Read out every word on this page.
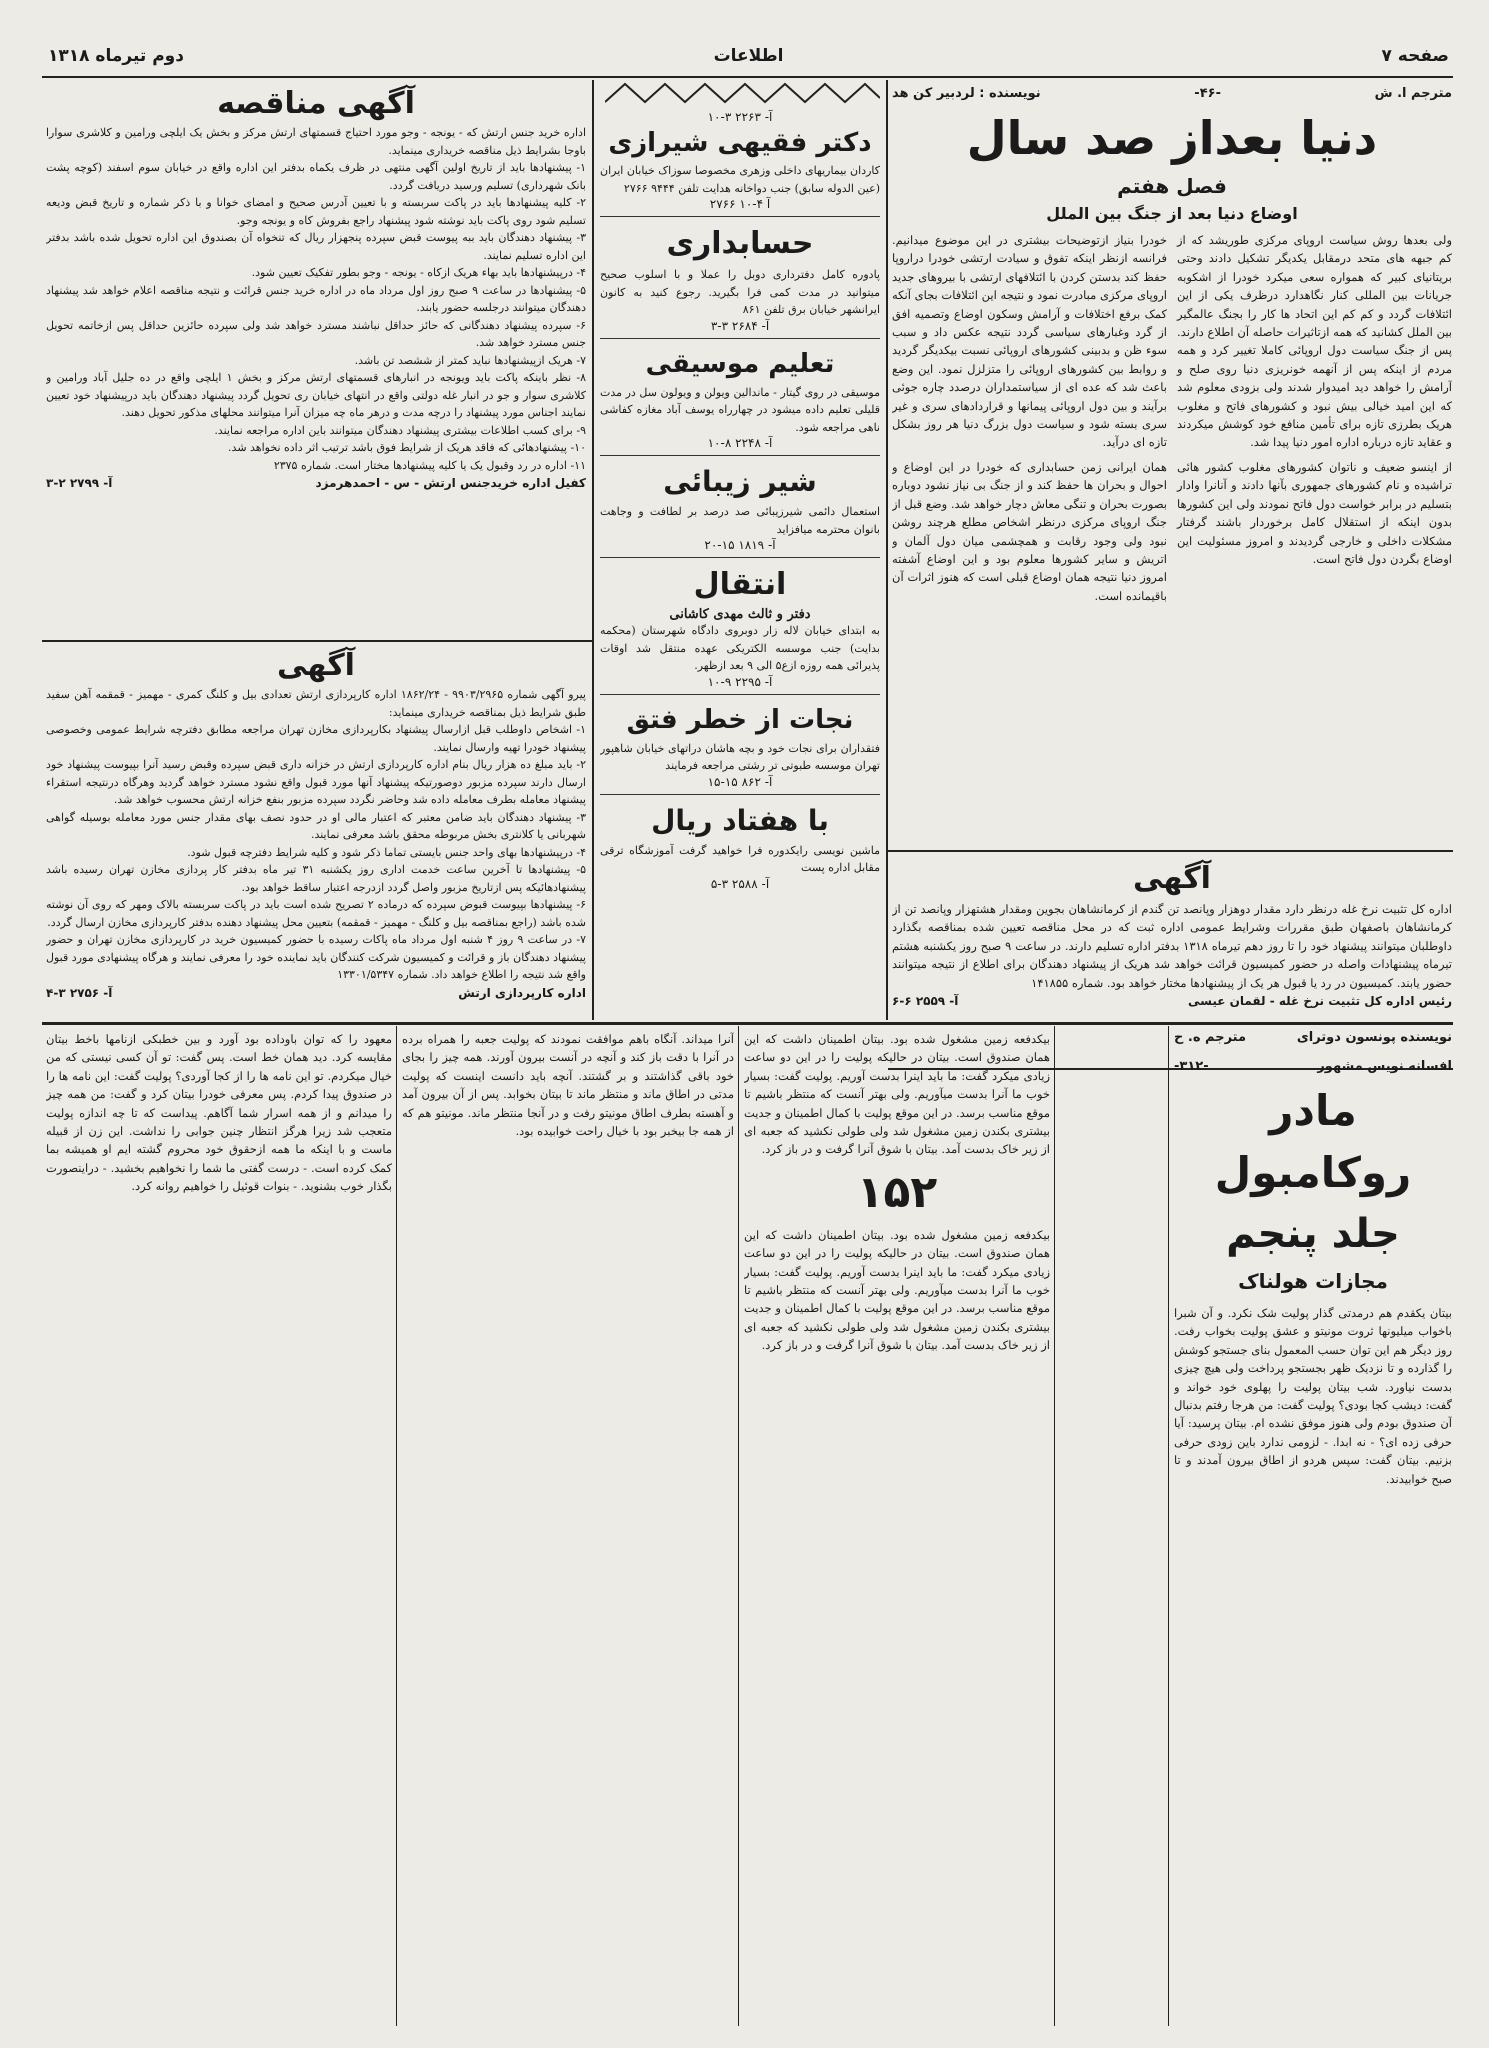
دوم تیرماه ۱۳۱۸	اطلاعات	صفحه ۷
مترجم ا. ش
-۴۶-
نویسنده : لردبیر کن هد

دنیا بعداز صد سال

فصل هفتم

اوضاع دنیا بعد از جنگ بین الملل

ولی بعدها روش سیاست اروپای مرکزی طوریشد که از کم جبهه های متحد درمقابل یکدیگر تشکیل دادند وحتی بریتانیای کبیر که همواره سعی میکرد خودرا از اشکوبه جریانات بین المللی کنار نگاهدارد درظرف یکی از این ائتلافات گردد و کم کم این اتحاد ها کار را بجنگ عالمگیر بین الملل کشانید که همه ازتاثیرات حاصله آن اطلاع دارند. پس از جنگ سیاست دول اروپائی کاملا تغییر کرد و همه مردم از اینکه پس از آنهمه خونریزی دنیا روی صلح و آرامش را خواهد دید امیدوار شدند ولی بزودی معلوم شد که این امید خیالی بیش نبود و کشورهای فاتح و مغلوب هریک بطرزی تازه برای تأمین منافع خود کوشش میکردند و عقاید تازه درباره اداره امور دنیا پیدا شد.

از اینسو ضعیف و ناتوان کشورهای مغلوب کشور هائی تراشیده و نام کشورهای جمهوری بآنها دادند و آنانرا وادار بتسلیم در برابر خواست دول فاتح نمودند ولی این کشورها بدون اینکه از استقلال کامل برخوردار باشند گرفتار مشکلات داخلی و خارجی گردیدند و امروز مسئولیت این اوضاع بگردن دول فاتح است.

خودرا بنیاز ازتوضیحات بیشتری در این موضوع میدانیم. فرانسه ازنظر اینکه تفوق و سیادت ارتشی خودرا دراروپا حفظ کند بدستن کردن با ائتلافهای ارتشی با بیروهای جدید اروپای مرکزی مبادرت نمود و نتیجه این ائتلافات بجای آنکه کمک برفع اختلافات و آرامش وسکون اوضاع وتصمیه افق از گرد وغبارهای سیاسی گردد نتیجه عکس داد و سبب سوء ظن و بدبینی کشورهای اروپائی نسبت بیکدیگر گردید و روابط بین کشورهای اروپائی را متزلزل نمود. این وضع باعث شد که عده ای از سیاستمداران درصدد چاره جوئی برآیند و بین دول اروپائی پیمانها و قراردادهای سری و غیر سری بسته شود و سیاست دول بزرگ دنیا هر روز بشکل تازه ای درآید.

همان ایرانی زمن حسابداری که خودرا در این اوضاع و احوال و بحران ها حفظ کند و از جنگ بی نیاز نشود دوباره بصورت بحران و تنگی معاش دچار خواهد شد. وضع قبل از جنگ اروپای مرکزی درنظر اشخاص مطلع هرچند روشن نبود ولی وجود رقابت و همچشمی میان دول آلمان و اتریش و سایر کشورها معلوم بود و این اوضاع آشفته امروز دنیا نتیجه همان اوضاع قبلی است که هنوز اثرات آن باقیمانده است.

آگهی

اداره کل تثبیت نرخ غله درنظر دارد مقدار دوهزار وپانصد تن گندم از کرمانشاهان بجوین ومقدار هشتهزار وپانصد تن از کرمانشاهان باصفهان طبق مقررات وشرایط عمومی اداره ثبت که در محل مناقصه تعیین شده بمناقصه بگذارد داوطلبان میتوانند پیشنهاد خود را تا روز دهم تیرماه ۱۳۱۸ بدفتر اداره تسلیم دارند. در ساعت ۹ صبح روز یکشنبه هشتم تیرماه پیشنهادات واصله در حضور کمیسیون قرائت خواهد شد هریک از پیشنهاد دهندگان برای اطلاع از نتیجه میتوانند حضور یابند. کمیسیون در رد یا قبول هر یک از پیشنهادها مختار خواهد بود. شماره ۱۴۱۸۵۵

رئیس اداره کل تثبیت نرخ غله - لقمان عیسی
آ- ۲۵۵۹ ۶-۶

آ- ۲۲۶۳ ۳-۱۰

دکتر فقیهی شیرازی

کاردان بیماریهای داخلی وزهری مخصوصا سوزاک خیابان ایران (عین الدوله سابق) جنب دواخانه هدایت تلفن ۹۴۴۴ ۲۷۶۶

۲۷۶۶ آ ۴-۱۰

حسابداری

پادوره کامل دفترداری دوبل را عملا و با اسلوب صحیح میتوانید در مدت کمی فرا بگیرید. رجوع کنید به کانون ایرانشهر خیابان برق تلفن ۸۶۱

آ- ۲۶۸۴ ۳-۳

تعلیم موسیقی

موسیقی در روی گیتار - ماندالین ویولن و ویولون سل در مدت قلیلی تعلیم داده میشود در چهارراه یوسف آباد مغازه کفاشی ناهی مراجعه شود.

آ- ۲۲۴۸ ۸-۱۰

شیر زیبائی

استعمال دائمی شیرزیبائی صد درصد بر لطافت و وجاهت بانوان محترمه میافزاید

آ- ۱۸۱۹ ۱۵-۲۰

انتقال

دفتر و ثالث مهدی کاشانی

به ابتدای خیابان لاله زار دوبروی دادگاه شهرستان (محکمه بدایت) جنب موسسه الکتریکی عهده منتقل شد اوقات پذیرائی همه روزه ازع۵ الی ۹ بعد ازظهر.

آ- ۲۲۹۵ ۹-۱۰

نجات از خطر فتق

فتقداران برای نجات خود و بچه هاشان دراتهای خیابان شاهپور تهران موسسه طبوتی تر رشتی مراجعه فرمایند

آ- ۸۶۲ ۱۵-۱۵

با هفتاد ریال

ماشین نویسی رایکدوره فرا خواهید گرفت آموزشگاه ترقی مقابل اداره پست

آ- ۲۵۸۸ ۳-۵

آگهی مناقصه

اداره خرید جنس ارتش که - یونجه - وجو مورد احتیاج قسمتهای ارتش مرکز و بخش یک ایلچی ورامین و کلاشری سوارا باوجا بشرایط ذیل مناقصه خریداری مینماید.

۱- پیشنهادها باید از تاریخ اولین آگهی منتهی در ظرف یکماه بدفتر این اداره واقع در خیابان سوم اسفند (کوچه پشت بانک شهرداری) تسلیم ورسید دریافت گردد.

۲- کلیه پیشنهادها باید در پاکت سربسته و با تعیین آدرس صحیح و امضای خوانا و با ذکر شماره و تاریخ قبض ودیعه تسلیم شود روی پاکت باید نوشته شود پیشنهاد راجع بفروش کاه و یونجه وجو.

۳- پیشنهاد دهندگان باید ببه پیوست قبض سپرده پنجهزار ریال که تنخواه آن بصندوق این اداره تحویل شده باشد بدفتر این اداره تسلیم نمایند.

۴- درپیشنهادها باید بهاء هریک ازکاه - یونجه - وجو بطور تفکیک تعیین شود.

۵- پیشنهادها در ساعت ۹ صبح روز اول مرداد ماه در اداره خرید جنس قرائت و نتیجه مناقصه اعلام خواهد شد پیشنهاد دهندگان میتوانند درجلسه حضور یابند.

۶- سپرده پیشنهاد دهندگانی که حائز حداقل نباشند مسترد خواهد شد ولی سپرده حائزین حداقل پس ازخاتمه تحویل جنس مسترد خواهد شد.

۷- هریک ازپیشنهادها نباید کمتر از ششصد تن باشد.

۸- نظر باینکه پاکت باید ویونجه در انبارهای قسمتهای ارتش مرکز و بخش ۱ ایلچی واقع در ده جلیل آباد ورامین و کلاشری سوار و جو در انبار غله دولتی واقع در انتهای خیابان ری تحویل گردد پیشنهاد دهندگان باید درپیشنهاد خود تعیین نمایند اجناس مورد پیشنهاد را درچه مدت و درهر ماه چه میزان آنرا میتوانند محلهای مذکور تحویل دهند.

۹- برای کسب اطلاعات بیشتری پیشنهاد دهندگان میتوانند باین اداره مراجعه نمایند.

۱۰- پیشنهادهائی که فاقد هریک از شرایط فوق باشد ترتیب اثر داده نخواهد شد.

۱۱- اداره در رد وقبول یک یا کلیه پیشنهادها مختار است. شماره ۲۳۷۵

کفیل اداره خریدجنس ارتش - س - احمدهرمزد
آ- ۲۷۹۹ ۲-۳

آگهی

پیرو آگهی شماره ۹۹۰۳/۲۹۶۵ - ۱۸۶۲/۲۴ اداره کارپردازی ارتش تعدادی بیل و کلنگ کمری - مهمیز - قمقمه آهن سفید طبق شرایط ذیل بمناقصه خریداری مینماید:

۱- اشخاص داوطلب قبل ازارسال پیشنهاد بکارپردازی مخازن تهران مراجعه مطابق دفترچه شرایط عمومی وخصوصی پیشنهاد خودرا تهیه وارسال نمایند.

۲- باید مبلغ ده هزار ریال بنام اداره کارپردازی ارتش در خزانه داری قبض سپرده وقبض رسید آنرا بپیوست پیشنهاد خود ارسال دارند سپرده مزبور دوصورتیکه پیشنهاد آنها مورد قبول واقع نشود مسترد خواهد گردید وهرگاه درنتیجه استقراء پیشنهاد معامله بطرف معامله داده شد وحاضر نگردد سپرده مزبور بنفع خزانه ارتش محسوب خواهد شد.

۳- پیشنهاد دهندگان باید ضامن معتبر که اعتبار مالی او در حدود نصف بهای مقدار جنس مورد معامله بوسیله گواهی شهربانی یا کلانتری بخش مربوطه محقق باشد معرفی نمایند.

۴- درپیشنهادها بهای واحد جنس بایستی تماما ذکر شود و کلیه شرایط دفترچه قبول شود.

۵- پیشنهادها تا آخرین ساعت خدمت اداری روز یکشنبه ۳۱ تیر ماه بدفتر کار پردازی مخازن تهران رسیده باشد پیشنهادهائیکه پس ازتاریخ مزبور واصل گردد ازدرجه اعتبار ساقط خواهد بود.

۶- پیشنهادها بپیوست قبوض سپرده که درماده ۲ تصریح شده است باید در پاکت سربسته بالاک ومهر که روی آن نوشته شده باشد (راجع بمناقصه بیل و کلنگ - مهمیز - قمقمه) بتعیین محل پیشنهاد دهنده بدفتر کارپردازی مخازن ارسال گردد.

۷- در ساعت ۹ روز ۴ شنبه اول مرداد ماه پاکات رسیده با حضور کمیسیون خرید در کارپردازی مخازن تهران و حضور پیشنهاد دهندگان باز و قرائت و کمیسیون شرکت کنندگان باید نماینده خود را معرفی نمایند و هرگاه پیشنهادی مورد قبول واقع شد نتیجه را اطلاع خواهد داد. شماره ۱۳۳۰۱/۵۳۴۷

اداره کارپردازی ارتش
آ- ۲۷۵۶ ۳-۴
نویسنده پونسون دوترای
مترجم ه. ح
افسانه نویس مشهور
-۳۱۲-

مادر روکامبول

جلد پنجم

مجازات هولناک

بیتان یکقدم هم درمدتی گذار پولیت شک نکرد. و آن شبرا باخواب میلیونها ثروت مونیتو و عشق پولیت بخواب رفت. روز دیگر هم این توان حسب المعمول بنای جستجو کوشش را گذارده و تا نزدیک ظهر بجستجو پرداخت ولی هیچ چیزی بدست نیاورد. شب بیتان پولیت را پهلوی خود خواند و گفت: دیشب کجا بودی؟ پولیت گفت: من هرجا رفتم بدنبال آن صندوق بودم ولی هنوز موفق نشده ام. بیتان پرسید: آیا حرفی زده ای؟ - نه ابدا. - لزومی ندارد باین زودی حرفی بزنیم. بیتان گفت: سپس هردو از اطاق بیرون آمدند و تا صبح خوابیدند.

بیکدفعه زمین مشغول شده بود. بیتان اطمینان داشت که این همان صندوق است. بیتان در حالیکه پولیت را در این دو ساعت زیادی میکرد گفت: ما باید اینرا بدست آوریم. پولیت گفت: بسیار خوب ما آنرا بدست میآوریم. ولی بهتر آنست که منتظر باشیم تا موقع مناسب برسد. در این موقع پولیت با کمال اطمینان و جدیت بیشتری بکندن زمین مشغول شد ولی طولی نکشید که جعبه ای از زیر خاک بدست آمد. بیتان با شوق آنرا گرفت و در باز کرد.

۱۵۲

بیکدفعه زمین مشغول شده بود. بیتان اطمینان داشت که این همان صندوق است. بیتان در حالیکه پولیت را در این دو ساعت زیادی میکرد گفت: ما باید اینرا بدست آوریم. پولیت گفت: بسیار خوب ما آنرا بدست میآوریم. ولی بهتر آنست که منتظر باشیم تا موقع مناسب برسد. در این موقع پولیت با کمال اطمینان و جدیت بیشتری بکندن زمین مشغول شد ولی طولی نکشید که جعبه ای از زیر خاک بدست آمد. بیتان با شوق آنرا گرفت و در باز کرد.

آنرا میداند. آنگاه باهم موافقت نمودند که پولیت جعبه را همراه برده در آنرا با دقت باز کند و آنچه در آنست بیرون آورند. همه چیز را بجای خود باقی گذاشتند و بر گشتند. آنچه باید دانست اینست که پولیت مدتی در اطاق ماند و منتظر ماند تا بیتان بخوابد. پس از آن بیرون آمد و آهسته بطرف اطاق مونیتو رفت و در آنجا منتظر ماند. مونیتو هم که از همه جا بیخبر بود با خیال راحت خوابیده بود.

معهود را که توان باوداده بود آورد و بین خطبکی ازنامها باخط بیتان مقایسه کرد. دید همان خط است. پس گفت: تو آن کسی نیستی که من خیال میکردم. تو این نامه ها را از کجا آوردی؟ پولیت گفت: این نامه ها را در صندوق پیدا کردم. پس معرفی خودرا بیتان کرد و گفت: من همه چیز را میدانم و از همه اسرار شما آگاهم. پیداست که تا چه اندازه پولیت متعجب شد زیرا هرگز انتظار چنین جوابی را نداشت. این زن از قبیله ماست و با اینکه ما همه ازحقوق خود محروم گشته ایم او همیشه بما کمک کرده است. - درست گفتی ما شما را نخواهیم بخشید. - دراینصورت بگذار خوب بشنوید. - بنوات قوئیل را خواهیم روانه کرد.
